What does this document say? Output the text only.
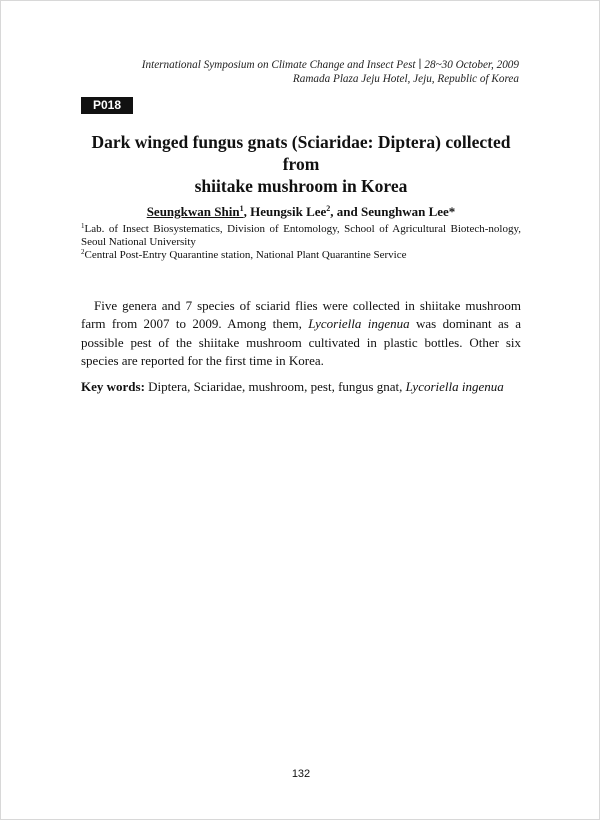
International Symposium on Climate Change and Insect Pest ∣ 28~30 October, 2009
Ramada Plaza Jeju Hotel, Jeju, Republic of Korea
P018
Dark winged fungus gnats (Sciaridae: Diptera) collected from
shiitake mushroom in Korea
Seungkwan Shin$^1$, Heungsik Lee$^2$, and Seunghwan Lee*
$^1$Lab. of Insect Biosystematics, Division of Entomology, School of Agricultural Biotech-nology, Seoul National University
$^2$Central Post-Entry Quarantine station, National Plant Quarantine Service

Five genera and 7 species of sciarid flies were collected in shiitake mushroom farm from 2007 to 2009. Among them, Lycoriella ingenua was dominant as a possible pest of the shiitake mushroom cultivated in plastic bottles. Other six species are reported for the first time in Korea.

Key words: Diptera, Sciaridae, mushroom, pest, fungus gnat, Lycoriella ingenua
132
